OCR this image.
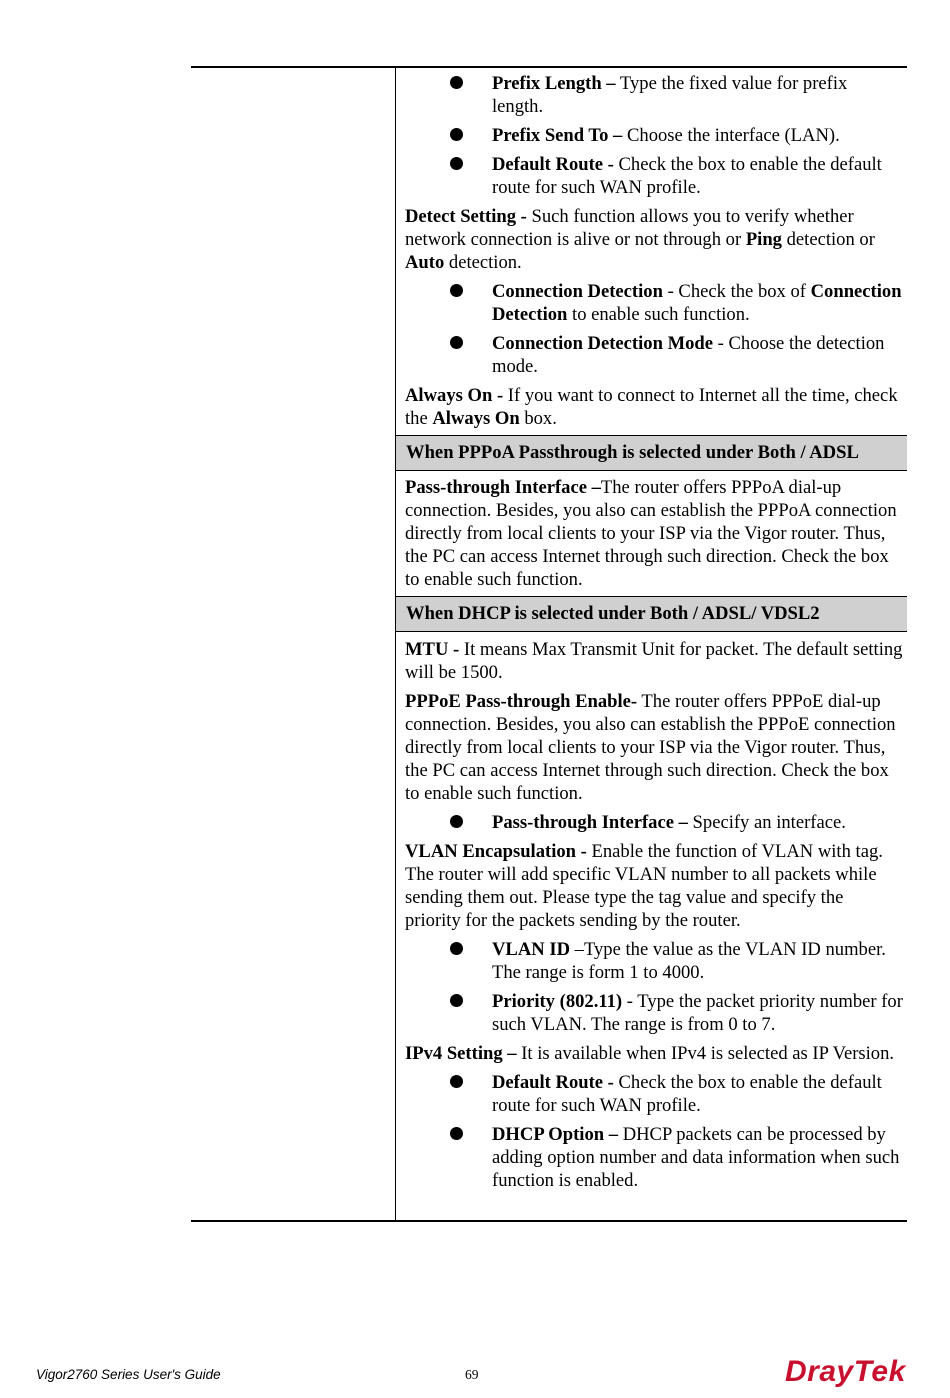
Prefix Length – Type the fixed value for prefix length.
Prefix Send To – Choose the interface (LAN).
Default Route - Check the box to enable the default route for such WAN profile.

Detect Setting - Such function allows you to verify whether network connection is alive or not through or Ping detection or Auto detection.

Connection Detection - Check the box of Connection Detection to enable such function.
Connection Detection Mode - Choose the detection mode.

Always On - If you want to connect to Internet all the time, check the Always On box.

When PPPoA Passthrough is selected under Both / ADSL

Pass-through Interface –The router offers PPPoA dial-up connection. Besides, you also can establish the PPPoA connection directly from local clients to your ISP via the Vigor router. Thus, the PC can access Internet through such direction. Check the box to enable such function.

When DHCP is selected under Both / ADSL/ VDSL2

MTU - It means Max Transmit Unit for packet. The default setting will be 1500.

PPPoE Pass-through Enable- The router offers PPPoE dial-up connection. Besides, you also can establish the PPPoE connection directly from local clients to your ISP via the Vigor router. Thus, the PC can access Internet through such direction. Check the box to enable such function.

Pass-through Interface – Specify an interface.

VLAN Encapsulation - Enable the function of VLAN with tag. The router will add specific VLAN number to all packets while sending them out. Please type the tag value and specify the priority for the packets sending by the router.

VLAN ID –Type the value as the VLAN ID number. The range is form 1 to 4000.
Priority (802.11) - Type the packet priority number for such VLAN. The range is from 0 to 7.

IPv4 Setting – It is available when IPv4 is selected as IP Version.

Default Route - Check the box to enable the default route for such WAN profile.
DHCP Option – DHCP packets can be processed by adding option number and data information when such function is enabled.
Vigor2760 Series User's Guide	69	DrayTek
